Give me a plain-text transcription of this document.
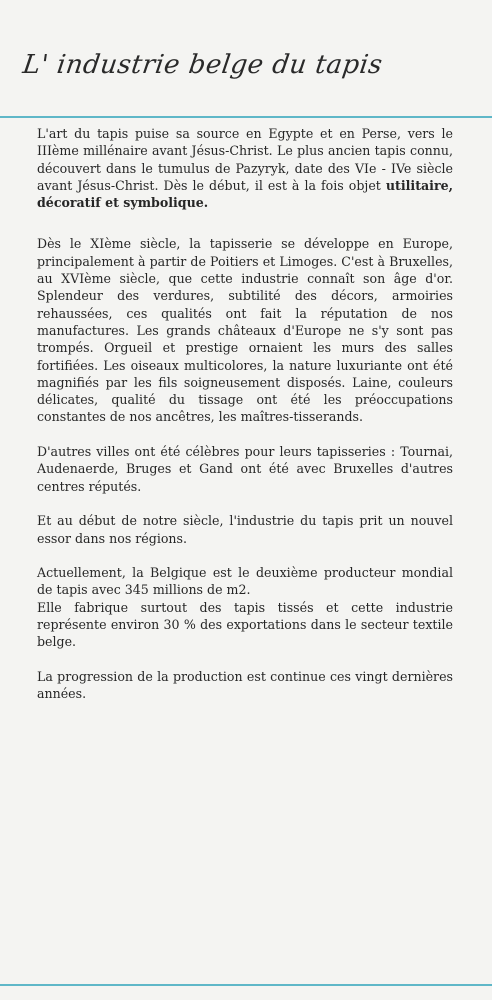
L' industrie belge du tapis

L'art du tapis puise sa source en Egypte et en Perse, vers le IIIème millénaire avant Jésus-Christ. Le plus ancien tapis connu, découvert dans le tumulus de Pazyryk, date des VIe - IVe siècle avant Jésus-Christ. Dès le début, il est à la fois objet utilitaire, décoratif et symbolique.

Dès le XIème siècle, la tapisserie se développe en Europe, principalement à partir de Poitiers et Limoges. C'est à Bruxelles, au XVIème siècle, que cette industrie connaît son âge d'or. Splendeur des verdures, subtilité des décors, armoiries rehaussées, ces qualités ont fait la réputation de nos manufactures. Les grands châteaux d'Europe ne s'y sont pas trompés. Orgueil et prestige ornaient les murs des salles fortifiées. Les oiseaux multicolores, la nature luxuriante ont été magnifiés par les fils soigneusement disposés. Laine, couleurs délicates, qualité du tissage ont été les préoccupations constantes de nos ancêtres, les maîtres-tisserands.

D'autres villes ont été célèbres pour leurs tapisseries : Tournai, Audenaerde, Bruges et Gand ont été avec Bruxelles d'autres centres réputés.

Et au début de notre siècle, l'industrie du tapis prit un nouvel essor dans nos régions.

Actuellement, la Belgique est le deuxième producteur mondial de tapis avec 345 millions de m2.
Elle fabrique surtout des tapis tissés et cette industrie représente environ 30 % des exportations dans le secteur textile belge.

La progression de la production est continue ces vingt dernières années.
